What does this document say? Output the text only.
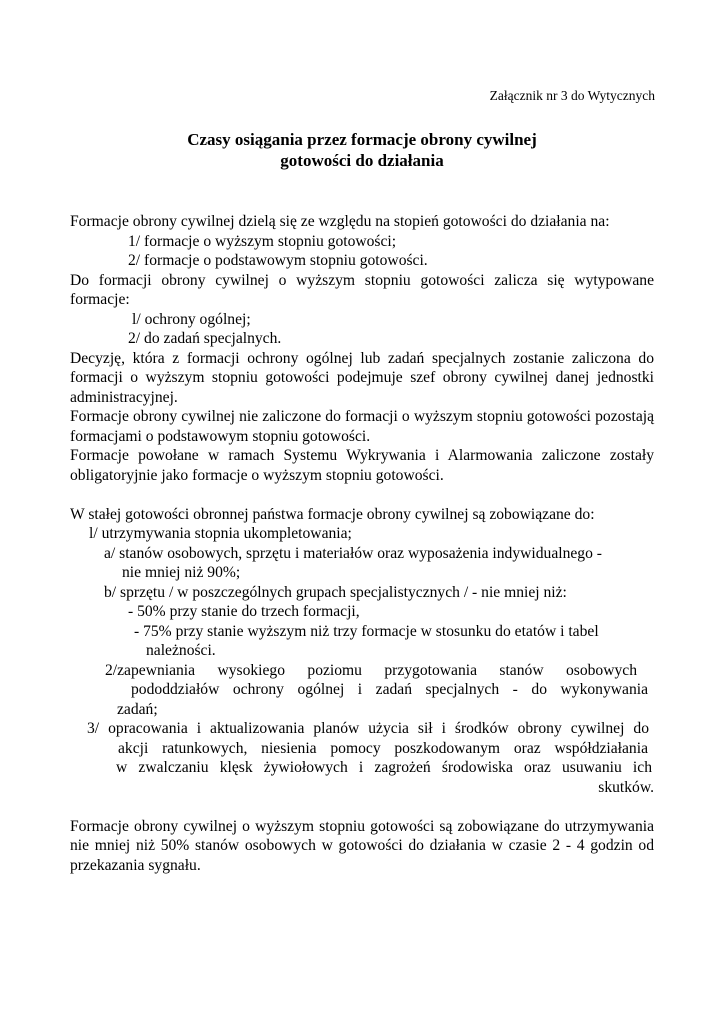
Załącznik nr 3 do Wytycznych
Czasy osiągania przez formacje obrony cywilnej
gotowości do działania
Formacje obrony cywilnej dzielą się ze względu na stopień gotowości do działania na:
1/ formacje o wyższym stopniu gotowości;
2/ formacje o podstawowym stopniu gotowości.
Do formacji obrony cywilnej o wyższym stopniu gotowości zalicza się wytypowane formacje:
l/ ochrony ogólnej;
2/ do zadań specjalnych.
Decyzję, która z formacji ochrony ogólnej lub zadań specjalnych zostanie zaliczona do formacji o wyższym stopniu gotowości podejmuje szef obrony cywilnej danej jednostki administracyjnej.
Formacje obrony cywilnej nie zaliczone do formacji o wyższym stopniu gotowości pozostają formacjami o podstawowym stopniu gotowości.
Formacje powołane w ramach Systemu Wykrywania i Alarmowania zaliczone zostały obligatoryjnie jako formacje o wyższym stopniu gotowości.
W stałej gotowości obronnej państwa formacje obrony cywilnej są zobowiązane do:
l/ utrzymywania stopnia ukompletowania;
a/ stanów osobowych, sprzętu i materiałów oraz wyposażenia indywidualnego -
nie mniej niż 90%;
b/ sprzętu / w poszczególnych grupach specjalistycznych / - nie mniej niż:
- 50% przy stanie do trzech formacji,
- 75% przy stanie wyższym niż trzy formacje w stosunku do etatów i tabel
należności.
2/zapewniania wysokiego poziomu przygotowania stanów osobowych
pododdziałów ochrony ogólnej i zadań specjalnych - do wykonywania
zadań;
3/ opracowania i aktualizowania planów użycia sił i środków obrony cywilnej do
akcji ratunkowych, niesienia pomocy poszkodowanym oraz współdziałania
w zwalczaniu klęsk żywiołowych i zagrożeń środowiska oraz usuwaniu ich
skutków.
Formacje obrony cywilnej o wyższym stopniu gotowości są zobowiązane do utrzymywania nie mniej niż 50% stanów osobowych w gotowości do działania w czasie 2 - 4 godzin od przekazania sygnału.
